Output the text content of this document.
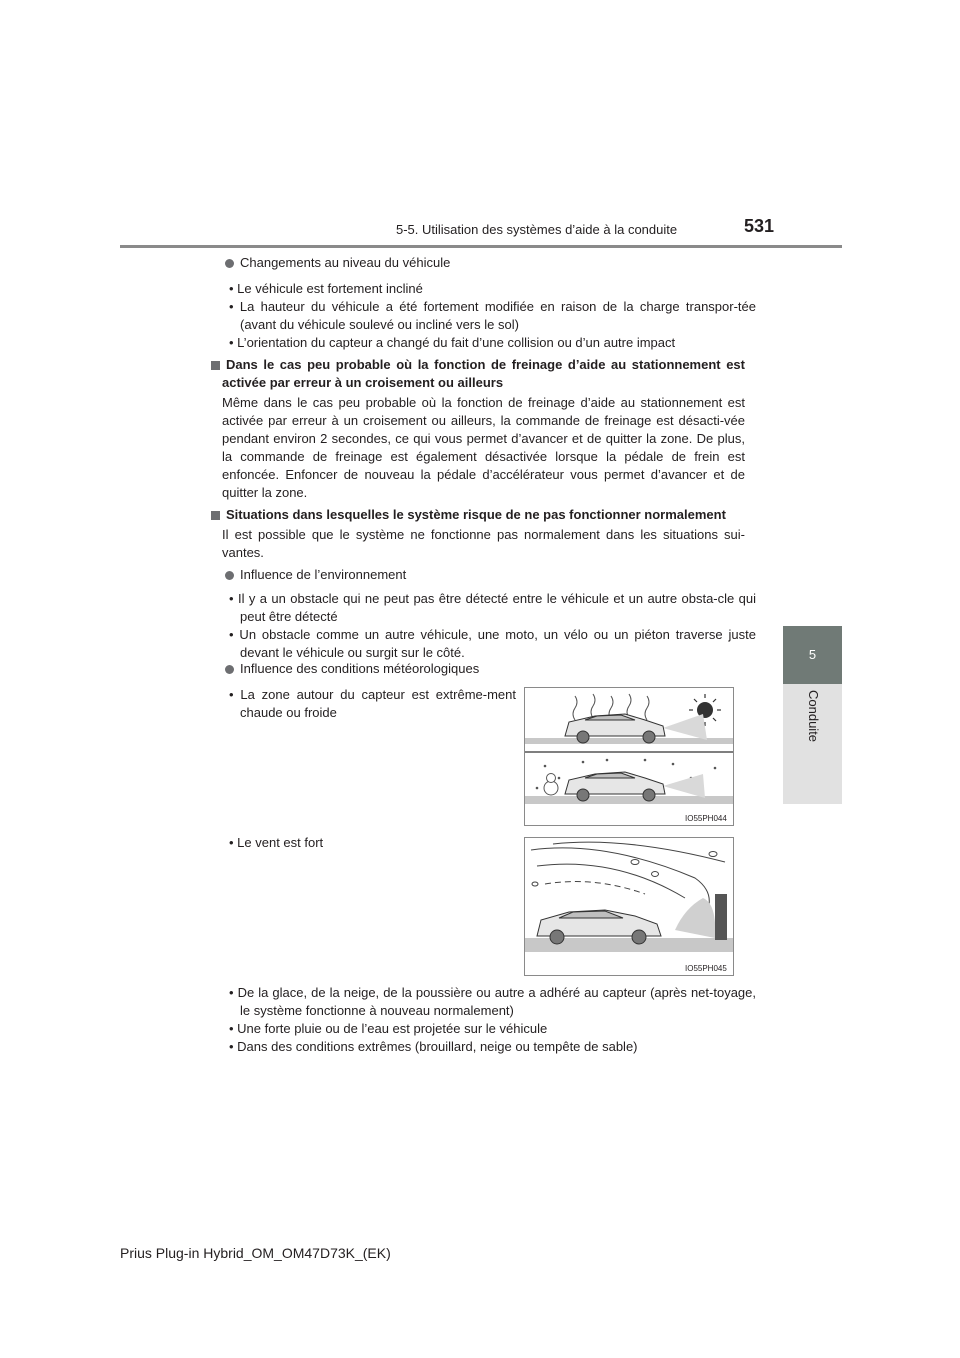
5-5. Utilisation des systèmes d’aide à la conduite	531
5
Conduite
Changements au niveau du véhicule
• Le véhicule est fortement incliné
• La hauteur du véhicule a été fortement modifiée en raison de la charge transpor-tée (avant du véhicule soulevé ou incliné vers le sol)
• L’orientation du capteur a changé du fait d’une collision ou d’un autre impact
Dans le cas peu probable où la fonction de freinage d’aide au stationnement est activée par erreur à un croisement ou ailleurs
Même dans le cas peu probable où la fonction de freinage d’aide au stationnement est activée par erreur à un croisement ou ailleurs, la commande de freinage est désacti-vée pendant environ 2 secondes, ce qui vous permet d’avancer et de quitter la zone. De plus, la commande de freinage est également désactivée lorsque la pédale de frein est enfoncée. Enfoncer de nouveau la pédale d’accélérateur vous permet d’avancer et de quitter la zone.
Situations dans lesquelles le système risque de ne pas fonctionner normalement
Il est possible que le système ne fonctionne pas normalement dans les situations sui-vantes.
Influence de l’environnement
• Il y a un obstacle qui ne peut pas être détecté entre le véhicule et un autre obsta-cle qui peut être détecté
• Un obstacle comme un autre véhicule, une moto, un vélo ou un piéton traverse juste devant le véhicule ou surgit sur le côté.
Influence des conditions météorologiques
• La zone autour du capteur est extrême-ment chaude ou froide
• Le vent est fort
• De la glace, de la neige, de la poussière ou autre a adhéré au capteur (après net-toyage, le système fonctionne à nouveau normalement)
• Une forte pluie ou de l’eau est projetée sur le véhicule
• Dans des conditions extrêmes (brouillard, neige ou tempête de sable)
IO55PH044
IO55PH045
Prius Plug-in Hybrid_OM_OM47D73K_(EK)
